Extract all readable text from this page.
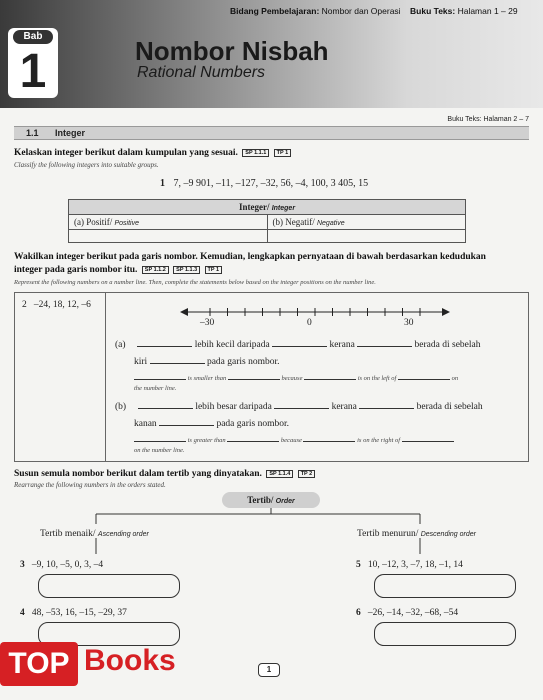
Bab
1	Nombor Nisbah
Rational Numbers
Bidang Pembelajaran: Nombor dan Operasi Buku Teks: Halaman 1 – 29
Buku Teks: Halaman 2 – 7
1.1 Integer
Kelaskan integer berikut dalam kumpulan yang sesuai. SP 1.1.1 TP 1
Classify the following integers into suitable groups.
1 7, –9 901, –11, –127, –32, 56, –4, 100, 3 405, 15
Integer/ Integer	
(a) Positif/ Positive	(b) Negatif/ Negative

Wakilkan integer berikut pada garis nombor. Kemudian, lengkapkan pernyataan di bawah berdasarkan kedudukan
integer pada garis nombor itu. SP 1.1.2 SP 1.1.3 TP 1
Represent the following numbers on a number line. Then, complete the statements below based on the integer positions on the number line.
2 –24, 18, 12, –6
–30	0	30
(a)	lebih kecil daripada	kerana	berada di sebelah
kiri	pada garis nombor.
is smaller than	because	is on the left of	on
the number line.
(b)	lebih besar daripada	kerana	berada di sebelah
kanan	pada garis nombor.
is greater than	because	is on the right of
on the number line.
Susun semula nombor berikut dalam tertib yang dinyatakan. SP 1.1.4 TP 2
Rearrange the following numbers in the orders stated.
Tertib/ Order
Tertib menaik/ Ascending order	Tertib menurun/ Descending order
3 –9, 10, –5, 0, 3, –4	5 10, –12, 3, –7, 18, –1, 14
4 48, –53, 16, –15, –29, 37	6 –26, –14, –32, –68, –54
1
TOP Books
